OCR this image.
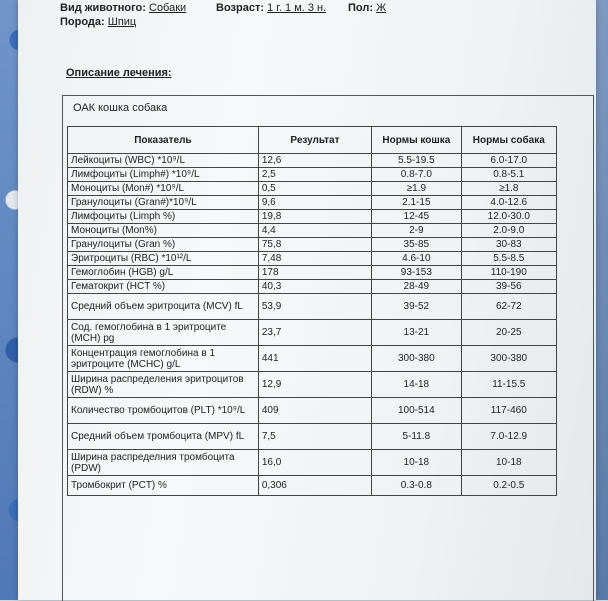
Вид животного: Собаки	Возраст: 1 г. 1 м. 3 н. Пол: Ж
Порода: Шпиц
Описание лечения:
ОАК кошка собака
Показатель	Результат	Нормы кошка	Нормы собака
Лейкоциты (WBC) *10⁹/L	12,6	5.5-19.5	6.0-17.0
Лимфоциты (Limph#) *10⁹/L	2,5	0.8-7.0	0.8-5.1
Моноциты (Mon#) *10⁹/L	0,5	≥1.9	≥1.8
Гранулоциты (Gran#)*10⁹/L	9,6	2.1-15	4.0-12.6
Лимфоциты (Limph %)	19,8	12-45	12.0-30.0
Моноциты (Mon%)	4,4	2-9	2.0-9.0
Гранулоциты (Gran %)	75,8	35-85	30-83
Эритроциты (RBC) *10¹²/L	7,48	4.6-10	5.5-8.5
Гемоглобин (HGB) g/L	178	93-153	110-190
Гематокрит (HCT %)	40,3	28-49	39-56
Средний объем эритроцита (MCV) fL	53,9	39-52	62-72
Сод. гемоглобина в 1 эритроците (MCH) pg	23,7	13-21	20-25
Концентрация гемоглобина в 1 эритроците (MCHC) g/L	441	300-380	300-380
Ширина распределения эритроцитов (RDW) %	12,9	14-18	11-15.5
Количество тромбоцитов (PLT) *10⁹/L	409	100-514	117-460
Средний объем тромбоцита (MPV) fL	7,5	5-11.8	7.0-12.9
Ширина распределния тромбоцита (PDW)	16,0	10-18	10-18
Тромбокрит (PCT) %	0,306	0.3-0.8	0.2-0.5
